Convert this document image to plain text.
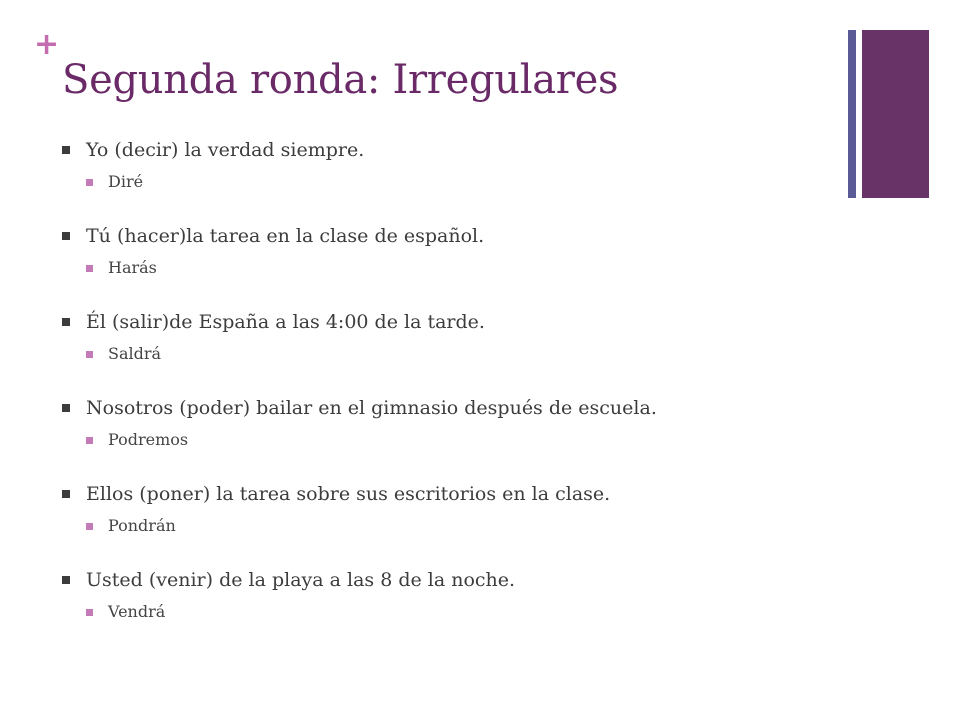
+
Segunda ronda: Irregulares
Yo (decir) la verdad siempre.
Diré
Tú (hacer)la tarea en la clase de español.
Harás
Él (salir)de España a las 4:00 de la tarde.
Saldrá
Nosotros (poder) bailar en el gimnasio después de escuela.
Podremos
Ellos (poner) la tarea sobre sus escritorios en la clase.
Pondrán
Usted (venir) de la playa a las 8 de la noche.
Vendrá
